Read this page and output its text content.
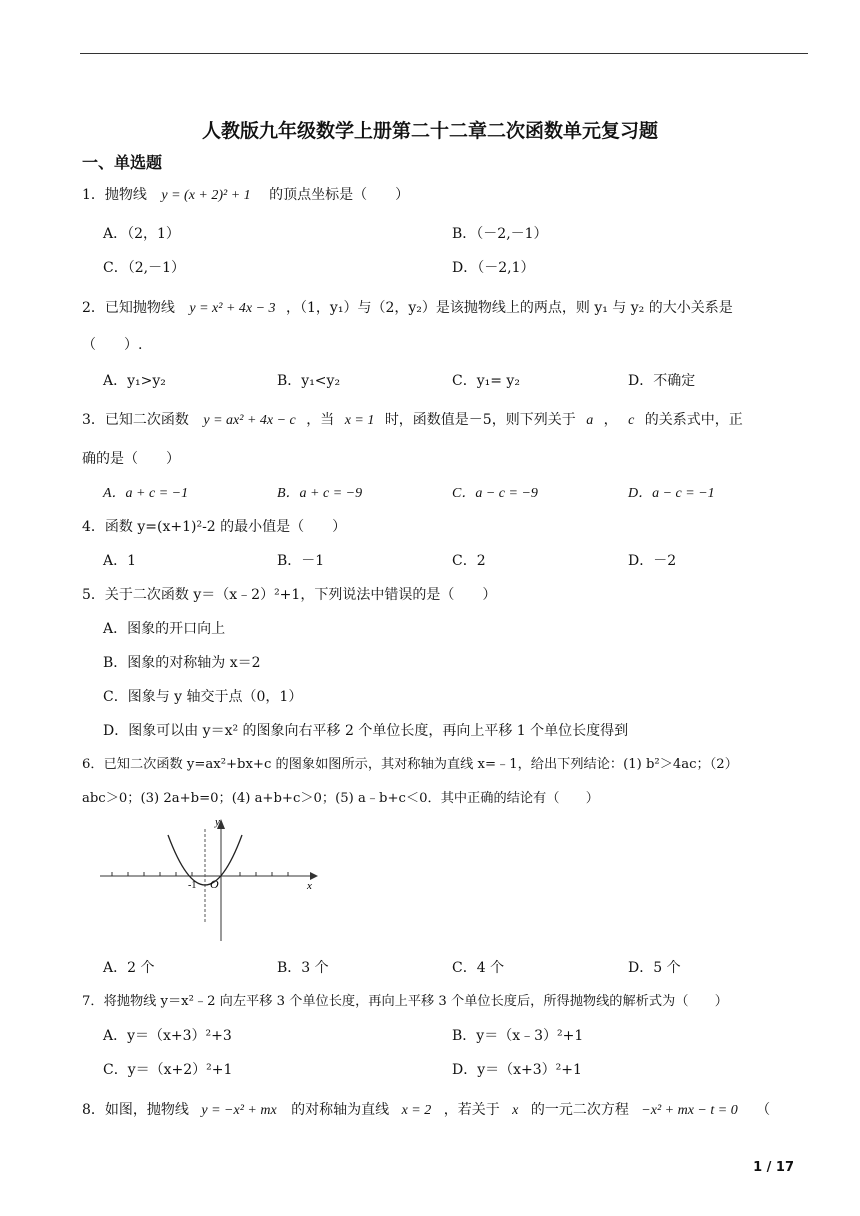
人教版九年级数学上册第二十二章二次函数单元复习题
一、单选题
1．抛物线 y = (x + 2)² + 1 的顶点坐标是（　　）
A．（2，1）	B．（－2,－1）
C．（2,－1）	D．（－2,1）
2．已知抛物线 y = x² + 4x − 3 ，（1，y₁）与（2，y₂）是该抛物线上的两点，则 y₁ 与 y₂ 的大小关系是
（　　）.
A．y₁>y₂	B．y₁<y₂	C．y₁= y₂	D．不确定
3．已知二次函数 y = ax² + 4x − c ，当 x = 1 时，函数值是－5，则下列关于 a ， c 的关系式中，正
确的是（　　）
A．a + c = −1	B．a + c = −9	C．a − c = −9	D．a − c = −1
4．函数 y=(x+1)²-2 的最小值是（　　）
A．1	B．－1	C．2	D．－2
5．关于二次函数 y＝（x﹣2）²+1，下列说法中错误的是（　　）
A．图象的开口向上
B．图象的对称轴为 x＝2
C．图象与 y 轴交于点（0，1）
D．图象可以由 y＝x² 的图象向右平移 2 个单位长度，再向上平移 1 个单位长度得到
6．已知二次函数 y=ax²+bx+c 的图象如图所示，其对称轴为直线 x=﹣1，给出下列结论：(1) b²＞4ac；（2）
abc＞0；(3) 2a+b=0；(4) a+b+c＞0；(5) a﹣b+c＜0．其中正确的结论有（　　）
y
x
O
-1
A．2 个	B．3 个	C．4 个	D．5 个
7．将抛物线 y＝x²﹣2 向左平移 3 个单位长度，再向上平移 3 个单位长度后，所得抛物线的解析式为（　　）
A．y＝（x+3）²+3	B．y＝（x﹣3）²+1
C．y＝（x+2）²+1	D．y＝（x+3）²+1
8．如图，抛物线 y = −x² + mx 的对称轴为直线 x = 2 ，若关于 x 的一元二次方程 −x² + mx − t = 0 （
1 / 17
